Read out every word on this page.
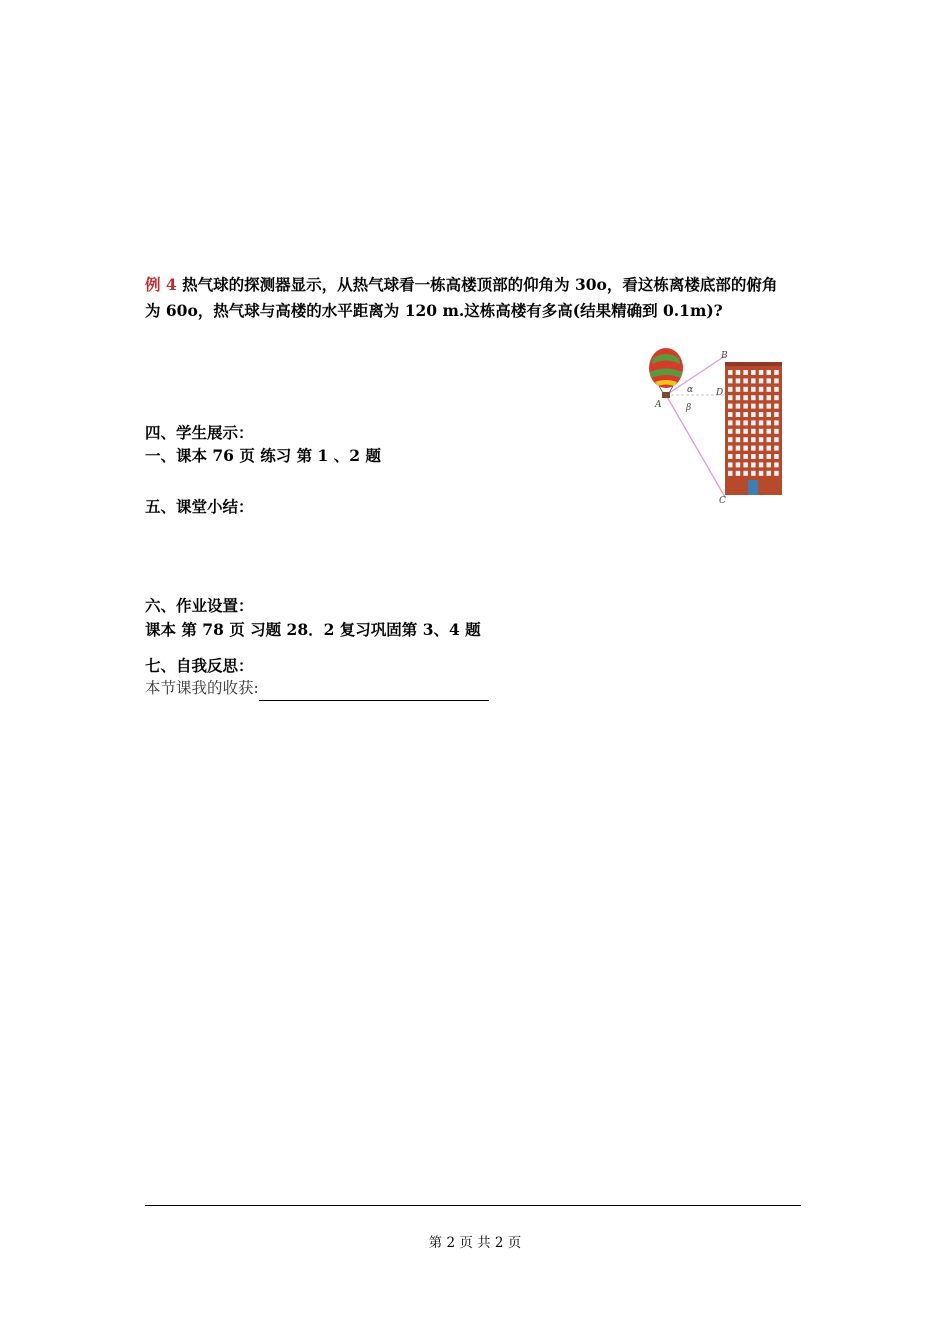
例 4 热气球的探测器显示，从热气球看一栋高楼顶部的仰角为 30o，看这栋离楼底部的俯角
为 60o，热气球与高楼的水平距离为 120 m.这栋高楼有多高(结果精确到 0.1m)?
B
A
D
C
α
β
四、学生展示：
一、课本 76 页 练习 第 1 、2 题
五、课堂小结：
六、作业设置：
课本 第 78 页 习题 28．2 复习巩固第 3、4 题
七、自我反思：
本节课我的收获:
第 2 页 共 2 页
